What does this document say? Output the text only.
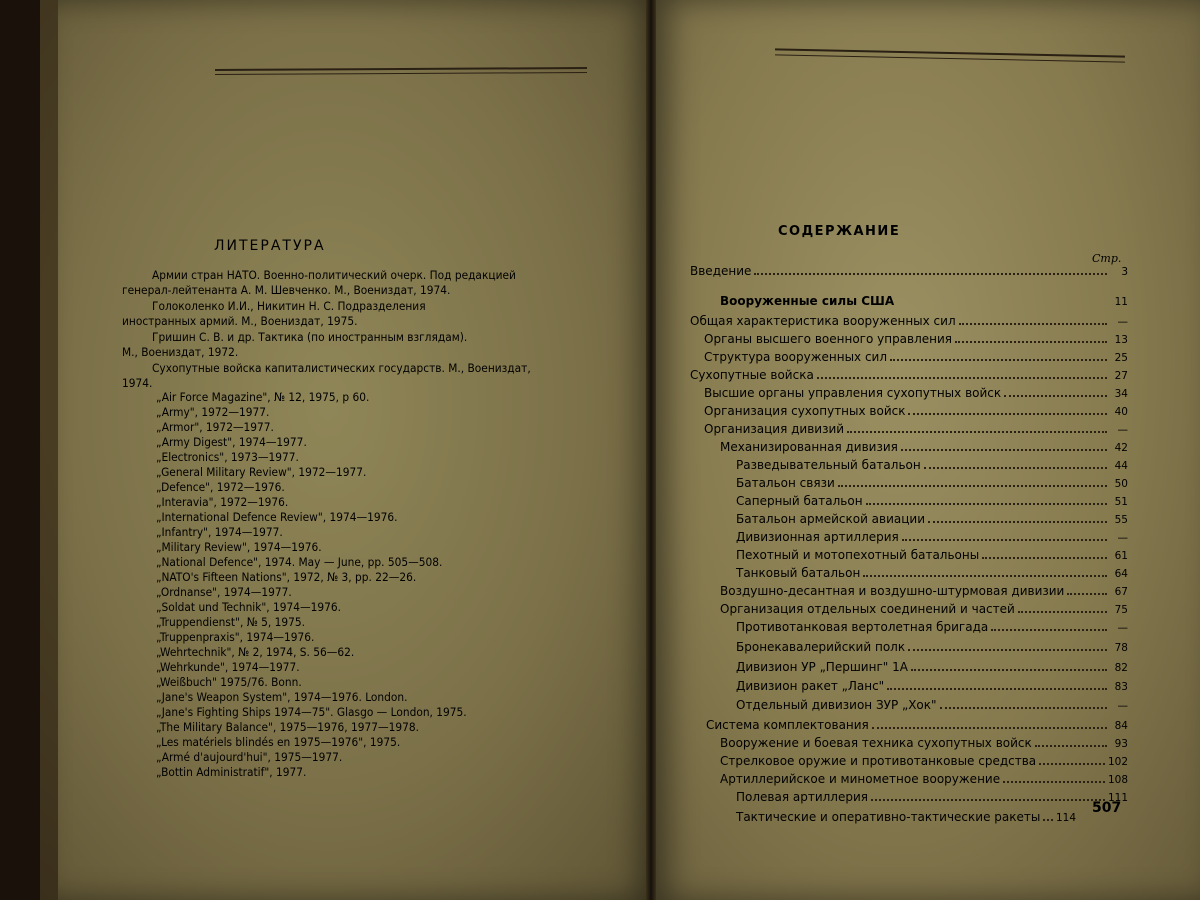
ЛИТЕРАТУРА
Армии стран НАТО. Военно-политический очерк. Под редакцией
генерал-лейтенанта А. М. Шевченко. М., Воениздат, 1974.
Голоколенко И.И., Никитин Н. С. Подразделения
иностранных армий. М., Воениздат, 1975.
Гришин С. В. и др. Тактика (по иностранным взглядам).
М., Воениздат, 1972.
Сухопутные войска капиталистических государств. М., Воениздат,
1974.
„Air Force Magazine", № 12, 1975, p 60.
„Army", 1972—1977.
„Armor", 1972—1977.
„Army Digest", 1974—1977.
„Electronics", 1973—1977.
„General Military Review", 1972—1977.
„Defence", 1972—1976.
„Interavia", 1972—1976.
„International Defence Review", 1974—1976.
„Infantry", 1974—1977.
„Military Review", 1974—1976.
„National Defence", 1974. May — June, pp. 505—508.
„NATO's Fifteen Nations", 1972, № 3, pp. 22—26.
„Ordnanse", 1974—1977.
„Soldat und Technik", 1974—1976.
„Truppendienst", № 5, 1975.
„Truppenpraxis", 1974—1976.
„Wehrtechnik", № 2, 1974, S. 56—62.
„Wehrkunde", 1974—1977.
„Weißbuch" 1975/76. Bonn.
„Jane's Weapon System", 1974—1976. London.
„Jane's Fighting Ships 1974—75". Glasgo — London, 1975.
„The Military Balance", 1975—1976, 1977—1978.
„Les matériels blindés en 1975—1976", 1975.
„Armé d'aujourd'hui", 1975—1977.
„Bottin Administratif", 1977.
СОДЕРЖАНИЕ
Стр.
Введение	3
Вооруженные силы США	11
Общая характеристика вооруженных сил	—
Органы высшего военного управления	13
Структура вооруженных сил	25
Сухопутные войска	27
Высшие органы управления сухопутных войск	34
Организация сухопутных войск	40
Организация дивизий	—
Механизированная дивизия	42
Разведывательный батальон	44
Батальон связи	50
Саперный батальон	51
Батальон армейской авиации	55
Дивизионная артиллерия	—
Пехотный и мотопехотный батальоны	61
Танковый батальон	64
Воздушно-десантная и воздушно-штурмовая дивизии	67
Организация отдельных соединений и частей	75
Противотанковая вертолетная бригада	—
Бронекавалерийский полк	78
Дивизион УР „Першинг" 1А	82
Дивизион ракет „Ланс"	83
Отдельный дивизион ЗУР „Хок"	—
Система комплектования	84
Вооружение и боевая техника сухопутных войск	93
Стрелковое оружие и противотанковые средства	102
Артиллерийское и минометное вооружение	108
Полевая артиллерия	111
Тактические и оперативно-тактические ракеты 114
507
